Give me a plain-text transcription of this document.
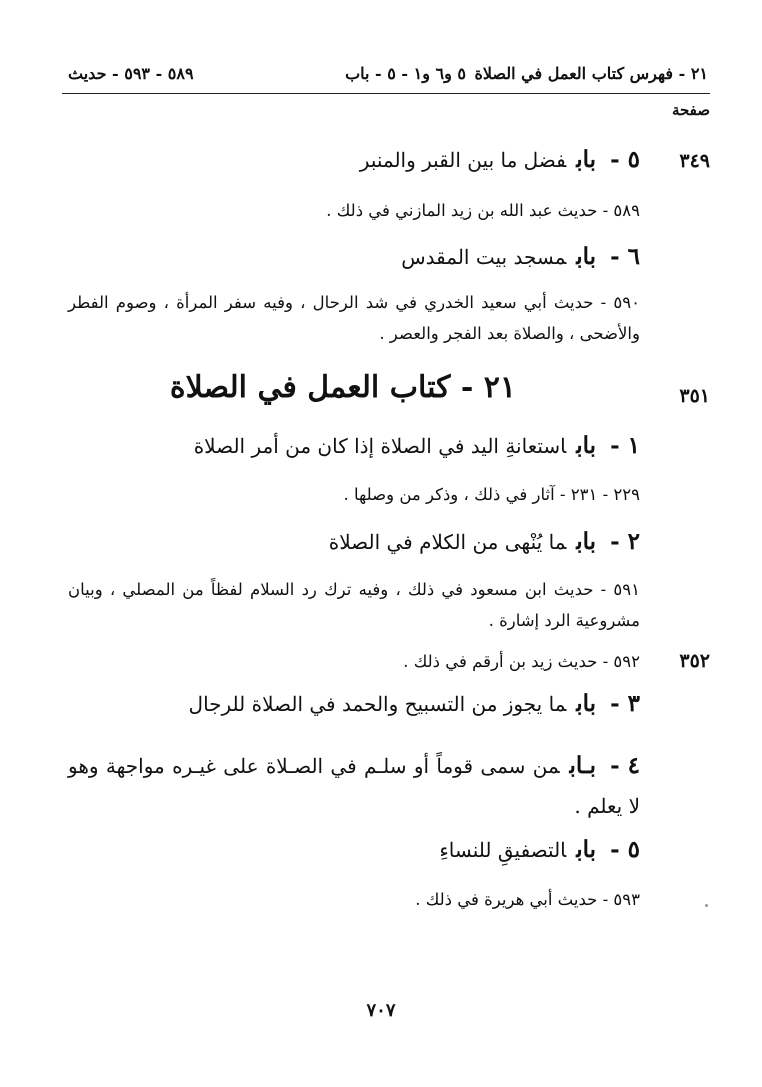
٢١ - فهرس كتاب العمل في الصلاة
٥ و٦ و١ - ٥ - باب
٥٨٩ - ٥٩٣ - حديث
صفحة
٣٤٩
٥ -بابفضل ما بين القبر والمنبر
٥٨٩ - حديث عبد الله بن زيد المازني في ذلك .
٦ -بابمسجد بيت المقدس
٥٩٠ - حديث أبي سعيد الخدري في شد الرحال ، وفيه سفر المرأة ، وصوم الفطر والأضحى ، والصلاة بعد الفجر والعصر .
٣٥١
٢١ - كتاب العمل في الصلاة
١ -باباستعانةِ اليد في الصلاة إذا كان من أمر الصلاة
٢٢٩ - ٢٣١ - آثار في ذلك ، وذكر من وصلها .
٢ -بابما يُنْهى من الكلام في الصلاة
٥٩١ - حديث ابن مسعود في ذلك ، وفيه ترك رد السلام لفظاً من المصلي ، وبيان مشروعية الرد إشارة .
٣٥٢
٥٩٢ - حديث زيد بن أرقم في ذلك .
٣ -بابما يجوز من التسبيح والحمد في الصلاة للرجال
٤ -بـابمن سمى قوماً أو سلـم في الصـلاة على غيـره مواجهة وهو لا يعلم .
٥ -بابالتصفيقِ للنساءِ
٥٩٣ - حديث أبي هريرة في ذلك .
٧٠٧
